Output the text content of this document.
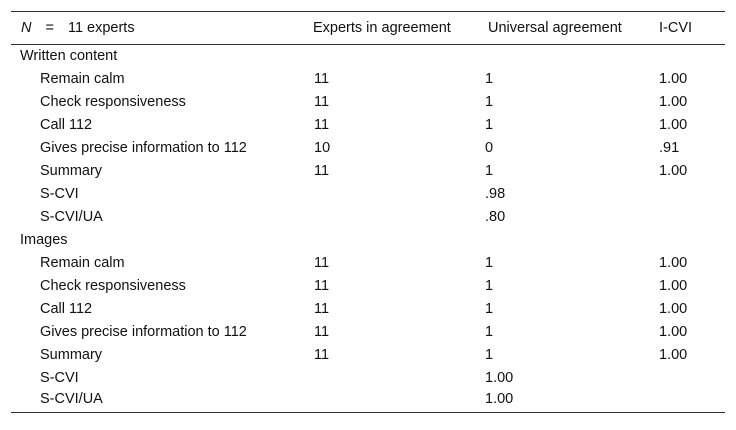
N = 11 experts	Experts in agreement	Universal agreement	I-CVI
Written content			
Remain calm	11	1	1.00
Check responsiveness	11	1	1.00
Call 112	11	1	1.00
Gives precise information to 112	10	0	.91
Summary	11	1	1.00
S-CVI		.98	
S-CVI/UA		.80	
Images			
Remain calm	11	1	1.00
Check responsiveness	11	1	1.00
Call 112	11	1	1.00
Gives precise information to 112	11	1	1.00
Summary	11	1	1.00
S-CVI		1.00	
S-CVI/UA		1.00	
